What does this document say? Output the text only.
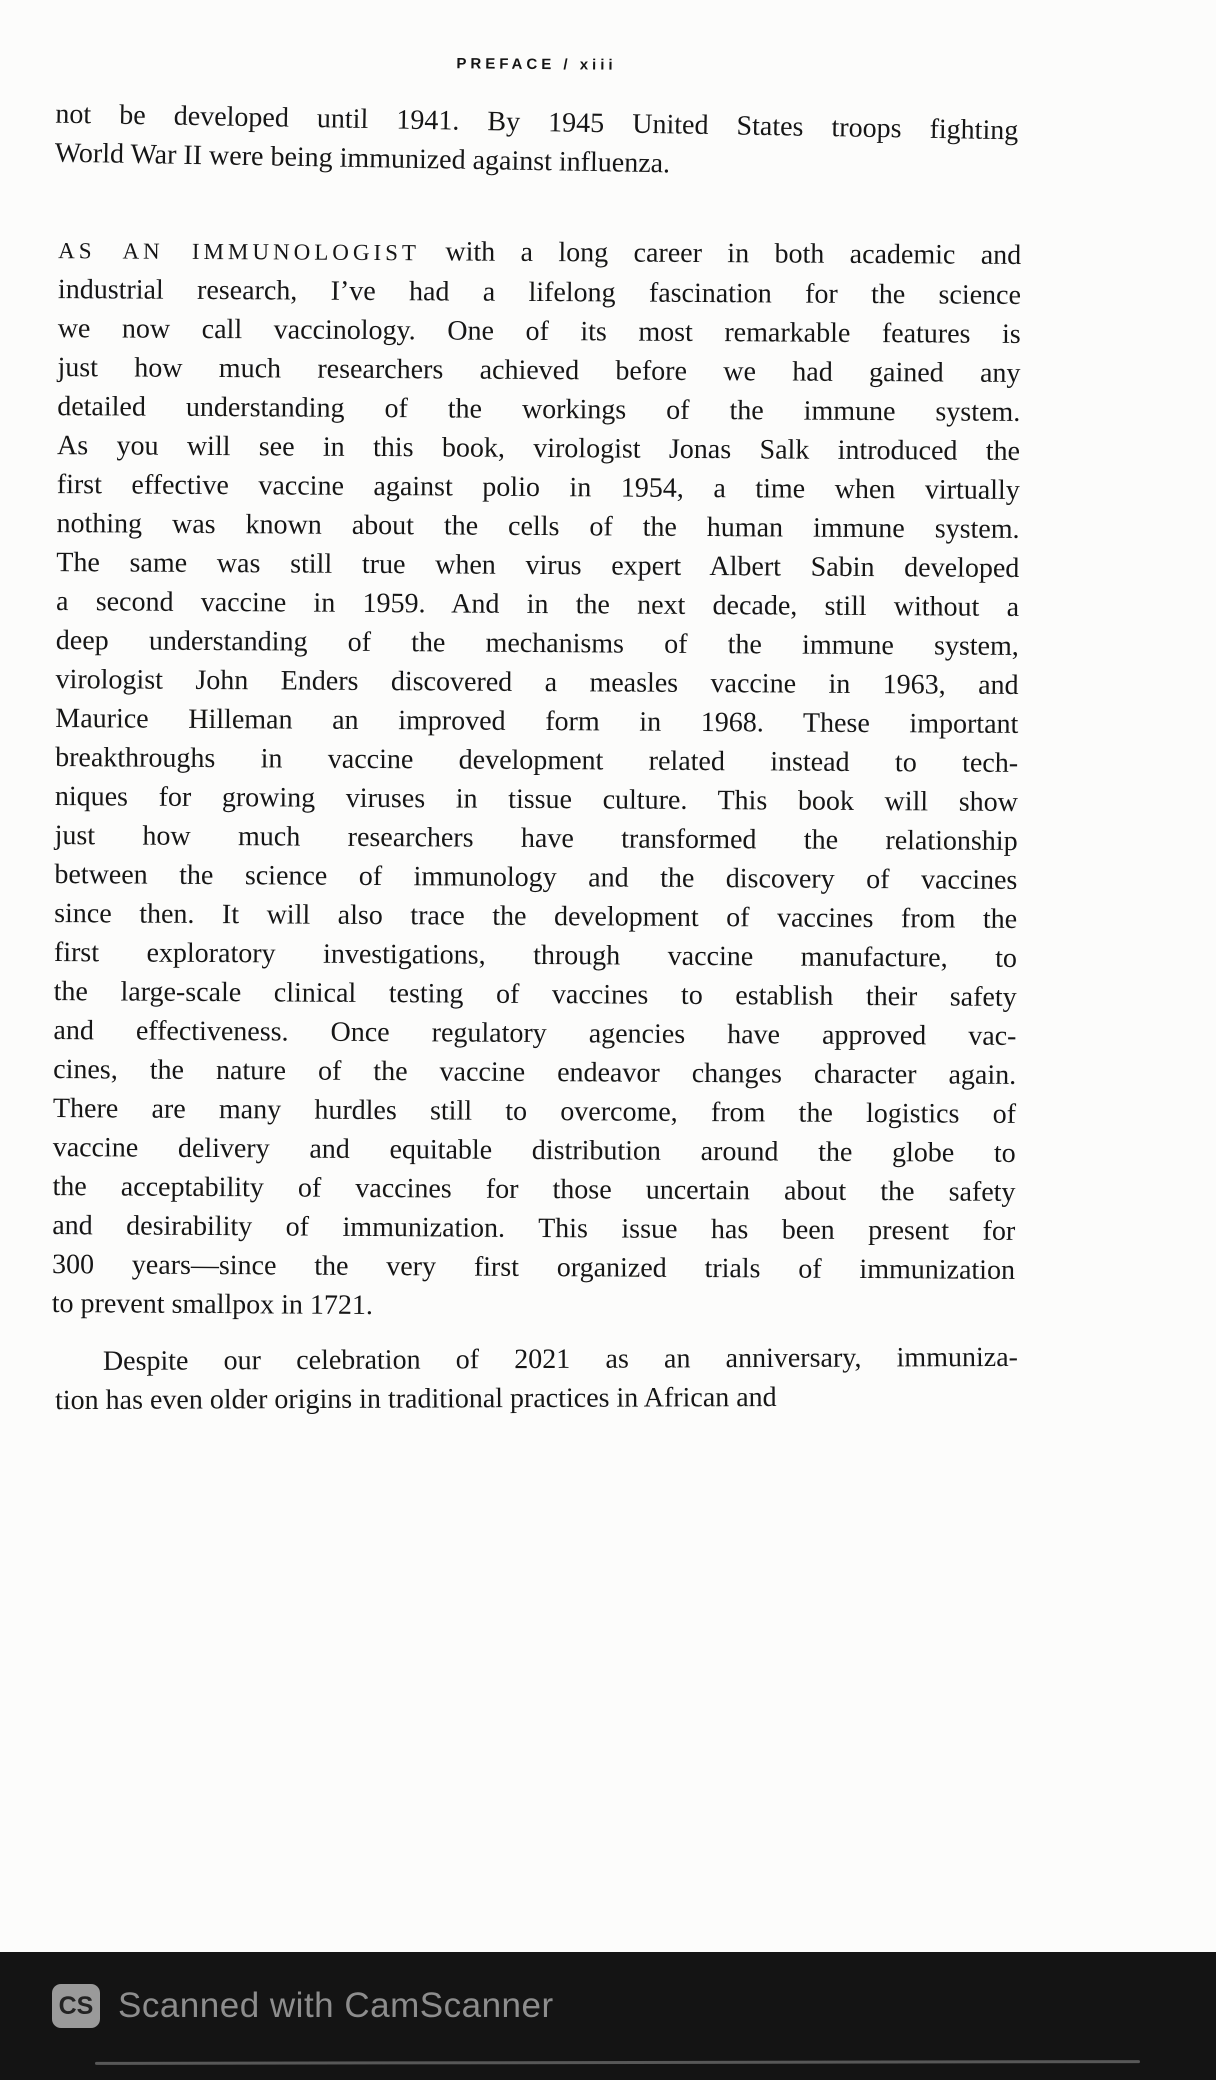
PREFACE / xiii
not be developed until 1941. By 1945 United States troops fighting
World War II were being immunized against influenza.
AS AN IMMUNOLOGIST with a long career in both academic and
industrial research, I’ve had a lifelong fascination for the science
we now call vaccinology. One of its most remarkable features is
just how much researchers achieved before we had gained any
detailed understanding of the workings of the immune system.
As you will see in this book, virologist Jonas Salk introduced the
first effective vaccine against polio in 1954, a time when virtually
nothing was known about the cells of the human immune system.
The same was still true when virus expert Albert Sabin developed
a second vaccine in 1959. And in the next decade, still without a
deep understanding of the mechanisms of the immune system,
virologist John Enders discovered a measles vaccine in 1963, and
Maurice Hilleman an improved form in 1968. These important
breakthroughs in vaccine development related instead to tech-
niques for growing viruses in tissue culture. This book will show
just how much researchers have transformed the relationship
between the science of immunology and the discovery of vaccines
since then. It will also trace the development of vaccines from the
first exploratory investigations, through vaccine manufacture, to
the large-scale clinical testing of vaccines to establish their safety
and effectiveness. Once regulatory agencies have approved vac-
cines, the nature of the vaccine endeavor changes character again.
There are many hurdles still to overcome, from the logistics of
vaccine delivery and equitable distribution around the globe to
the acceptability of vaccines for those uncertain about the safety
and desirability of immunization. This issue has been present for
300 years—since the very first organized trials of immunization
to prevent smallpox in 1721.
Despite our celebration of 2021 as an anniversary, immuniza-
tion has even older origins in traditional practices in African and
CS Scanned with CamScanner
